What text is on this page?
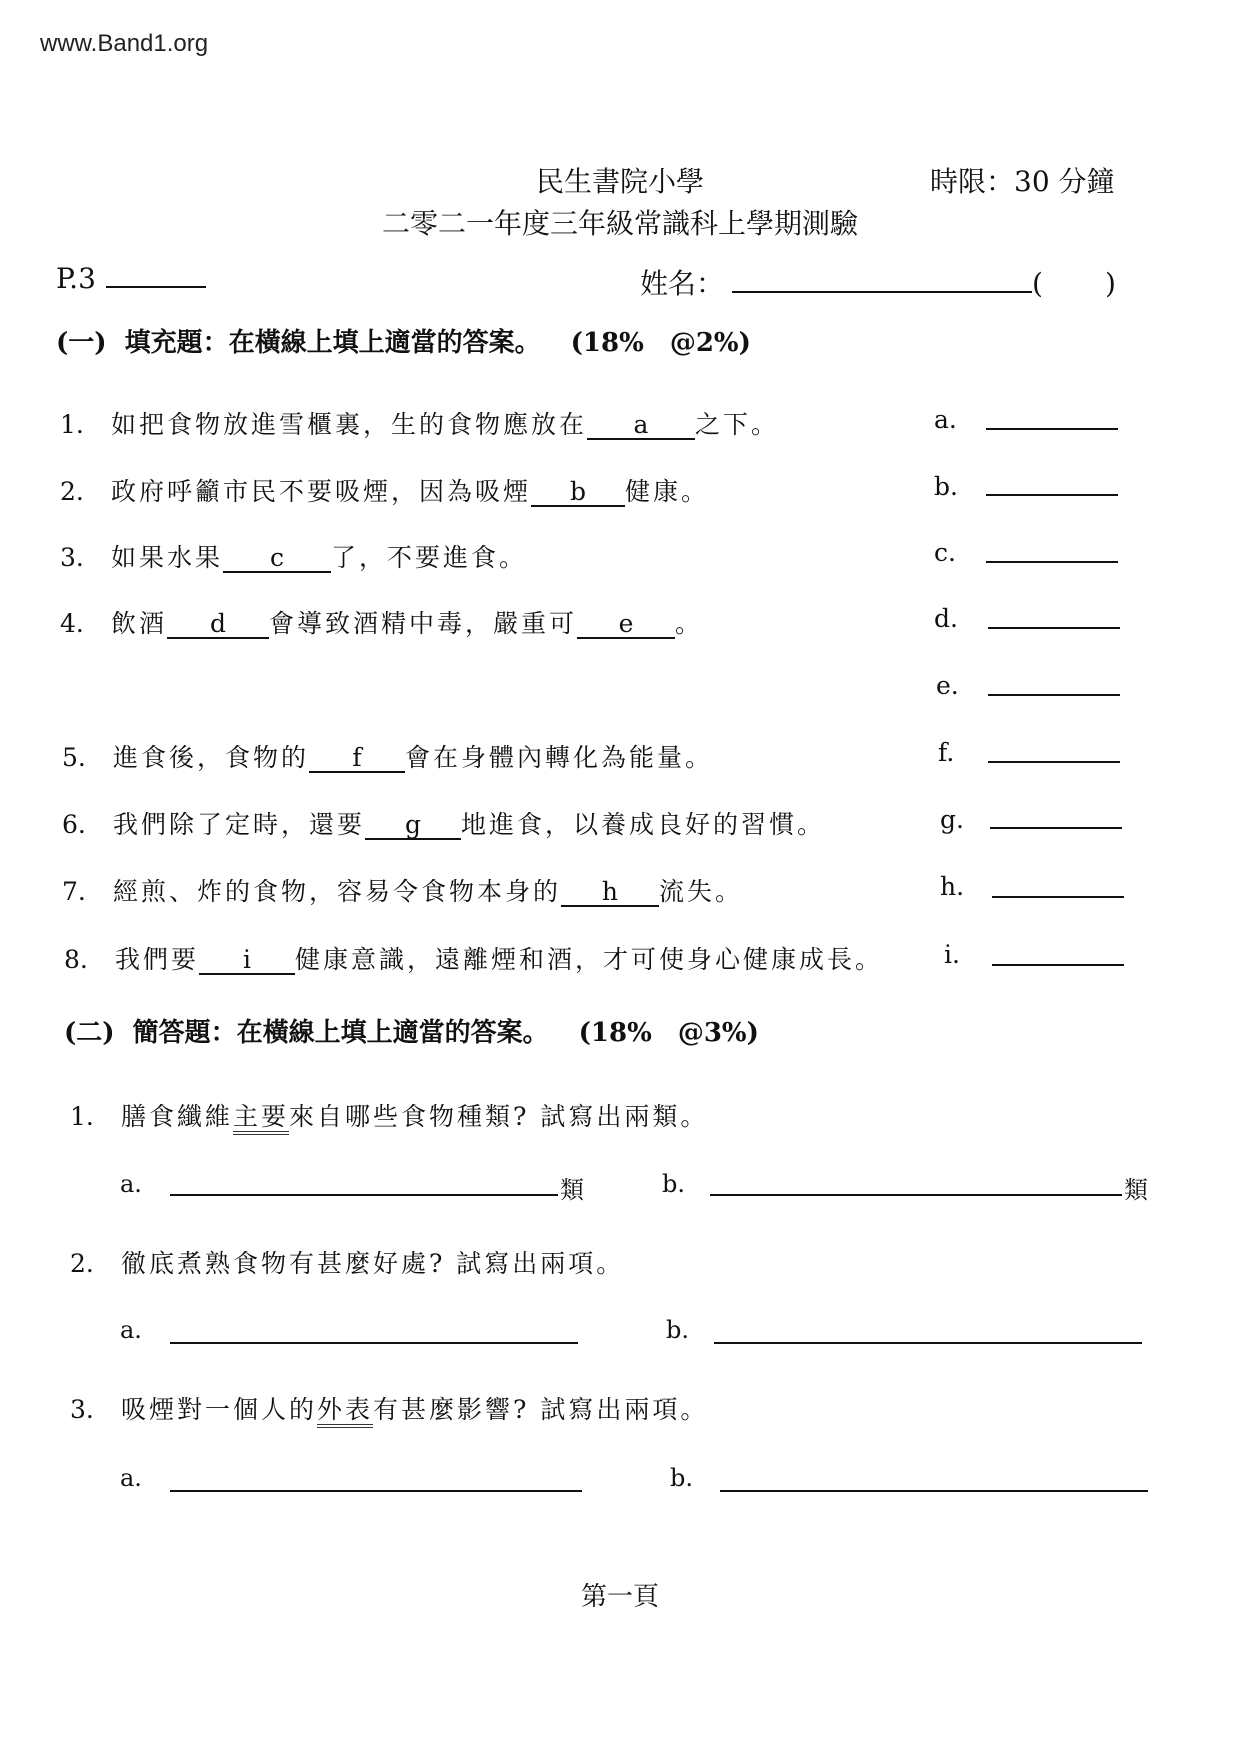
www.Band1.org
民生書院小學	時限：30 分鐘
二零二一年度三年級常識科上學期測驗
P.3	姓名：	( )
(一) 填充題：在橫線上填上適當的答案。 (18%　@2%)
1. 如把食物放進雪櫃裏，生的食物應放在 a 之下。
2. 政府呼籲市民不要吸煙，因為吸煙 b 健康。
3. 如果水果 c 了，不要進食。
4. 飲酒 d 會導致酒精中毒，嚴重可 e 。
5. 進食後，食物的 f 會在身體內轉化為能量。
6. 我們除了定時，還要 g 地進食，以養成良好的習慣。
7. 經煎、炸的食物，容易令食物本身的 h 流失。
8. 我們要 i 健康意識，遠離煙和酒，才可使身心健康成長。
a.
b.
c.
d.
e.
f.
g.
h.
i.
(二) 簡答題：在橫線上填上適當的答案。 (18%　@3%)
1. 膳食纖維主要來自哪些食物種類? 試寫出兩類。
a.	類	b.	類
2. 徹底煮熟食物有甚麼好處? 試寫出兩項。
a.	b.
3. 吸煙對一個人的外表有甚麼影響? 試寫出兩項。
a.	b.
第一頁
